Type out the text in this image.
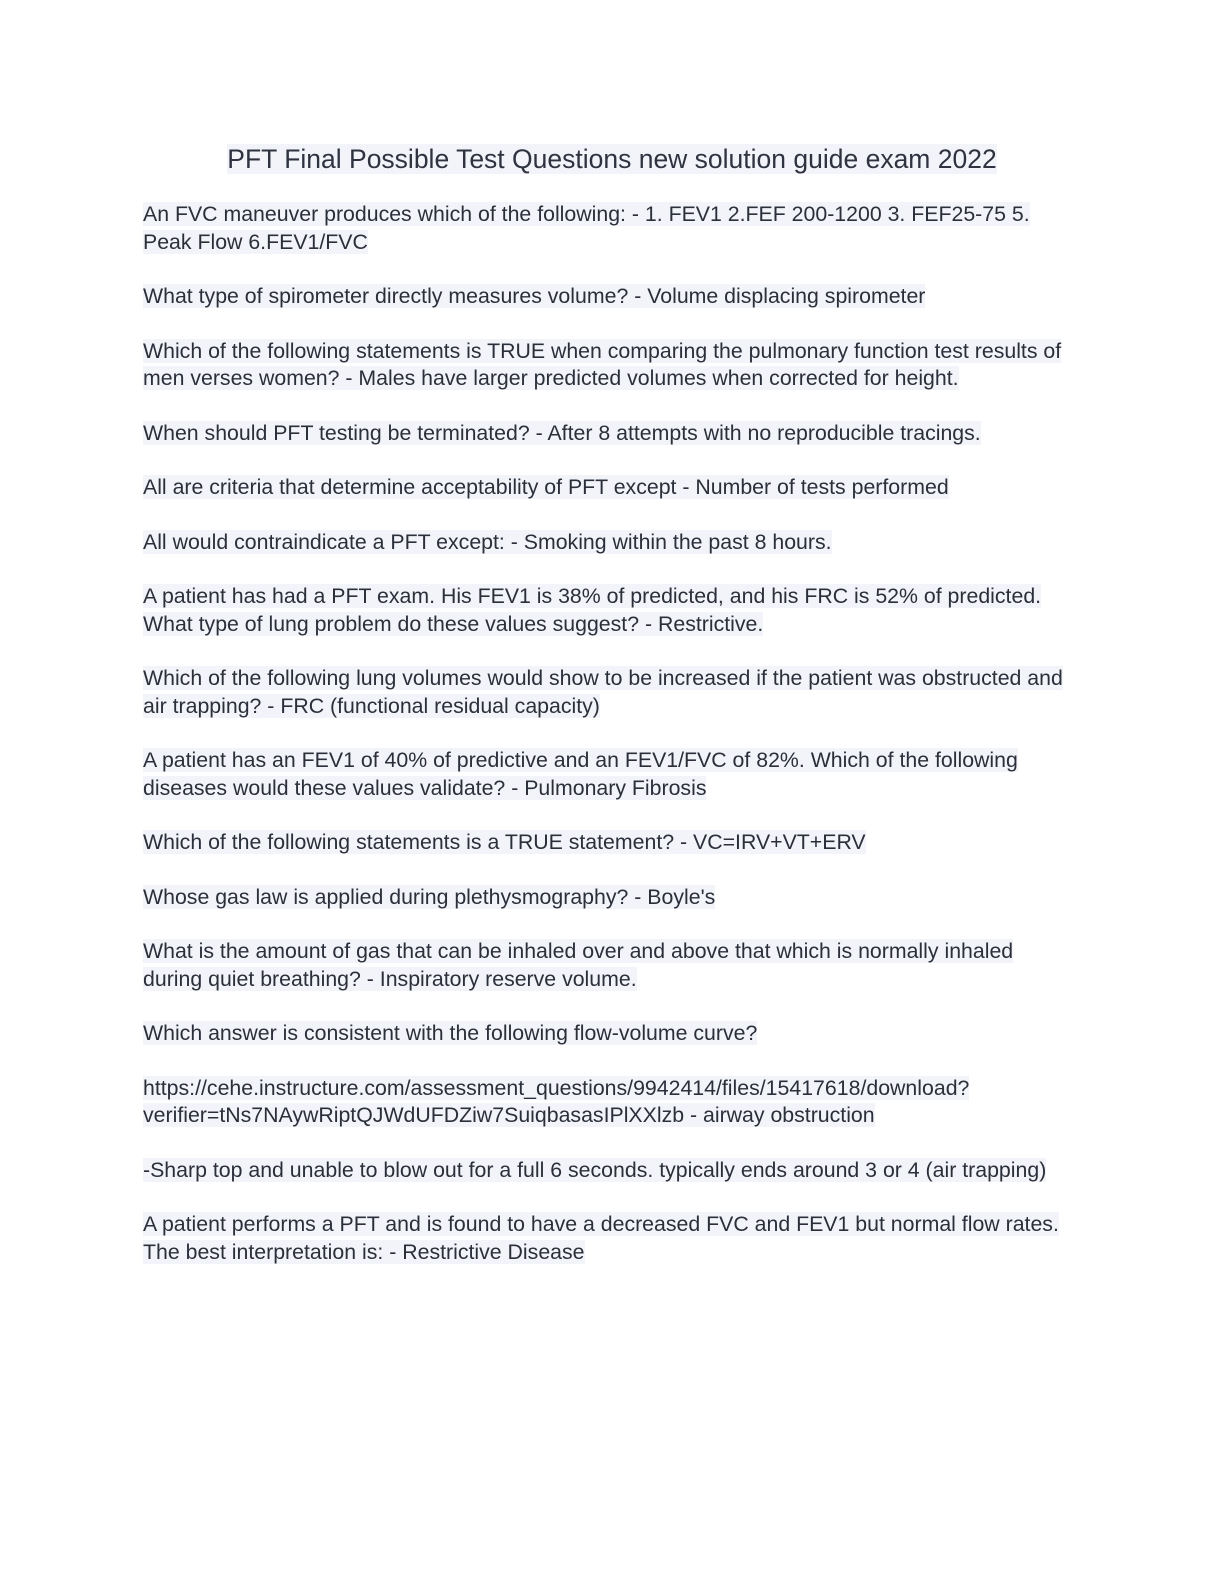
PFT Final Possible Test Questions new solution guide exam 2022

An FVC maneuver produces which of the following: - 1. FEV1 2.FEF 200-1200 3. FEF25-75 5. Peak Flow 6.FEV1/FVC

What type of spirometer directly measures volume? - Volume displacing spirometer

Which of the following statements is TRUE when comparing the pulmonary function test results of men verses women? - Males have larger predicted volumes when corrected for height.

When should PFT testing be terminated? - After 8 attempts with no reproducible tracings.

All are criteria that determine acceptability of PFT except - Number of tests performed

All would contraindicate a PFT except: - Smoking within the past 8 hours.

A patient has had a PFT exam. His FEV1 is 38% of predicted, and his FRC is 52% of predicted. What type of lung problem do these values suggest? - Restrictive.

Which of the following lung volumes would show to be increased if the patient was obstructed and air trapping? - FRC (functional residual capacity)

A patient has an FEV1 of 40% of predictive and an FEV1/FVC of 82%. Which of the following diseases would these values validate? - Pulmonary Fibrosis

Which of the following statements is a TRUE statement? - VC=IRV+VT+ERV

Whose gas law is applied during plethysmography? - Boyle's

What is the amount of gas that can be inhaled over and above that which is normally inhaled during quiet breathing? - Inspiratory reserve volume.

Which answer is consistent with the following flow-volume curve?

https://cehe.instructure.com/assessment_questions/9942414/files/15417618/download?verifier=tNs7NAywRiptQJWdUFDZiw7SuiqbasasIPlXXlzb - airway obstruction

-Sharp top and unable to blow out for a full 6 seconds. typically ends around 3 or 4 (air trapping)

A patient performs a PFT and is found to have a decreased FVC and FEV1 but normal flow rates. The best interpretation is: - Restrictive Disease
